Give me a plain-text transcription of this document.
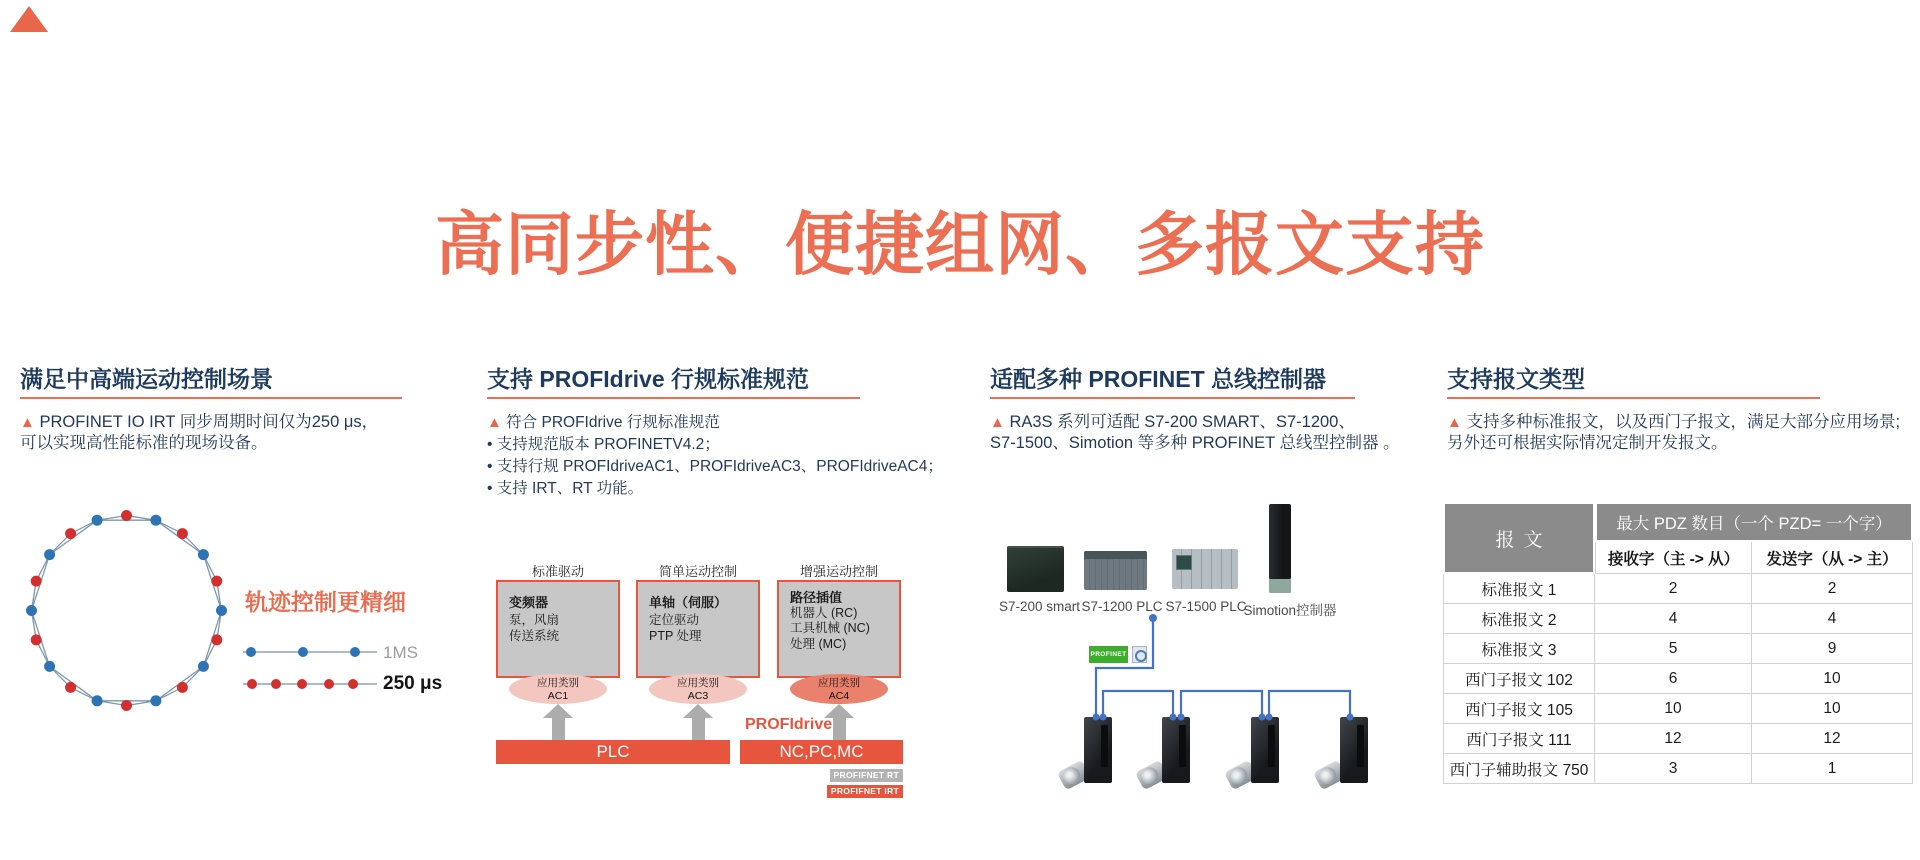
高同步性、便捷组网、多报文支持
满足中高端运动控制场景
▲ PROFINET IO IRT 同步周期时间仅为250 μs，
可以实现高性能标准的现场设备。
轨迹控制更精细
1MS
250 μs
支持 PROFIdrive 行规标准规范
▲ 符合 PROFIdrive 行规标准规范
• 支持规范版本 PROFINETV4.2；
• 支持行规 PROFIdriveAC1、PROFIdriveAC3、PROFIdriveAC4；
• 支持 IRT、RT 功能。
标准驱动	简单运动控制	增强运动控制
变频器
泵，风扇
传送系统
单轴（伺服）
定位驱动
PTP 处理
路径插值
机器人 (RC)
工具机械 (NC)
处理 (MC)
应用类别
AC1
应用类别
AC3
应用类别
AC4
PROFIdrive
PLC	NC,PC,MC
PROFIFNET RT
PROFIFNET IRT
适配多种 PROFINET 总线控制器
▲ RA3S 系列可适配 S7-200 SMART、S7-1200、
S7-1500、Simotion 等多种 PROFINET 总线型控制器 。
S7-200 smart S7-1200 PLC S7-1500 PLC
Simotion控制器
PROFINET
支持报文类型
▲ 支持多种标准报文，以及西门子报文，满足大部分应用场景;
另外还可根据实际情况定制开发报文。
报文
最大 PDZ 数目（一个 PZD= 一个字）
接收字（主 -> 从）	发送字（从 -> 主）
标准报文 1	2	2
标准报文 2	4	4
标准报文 3	5	9
西门子报文 102	6	10
西门子报文 105	10	10
西门子报文 111	12	12
西门子辅助报文 750	3	1
